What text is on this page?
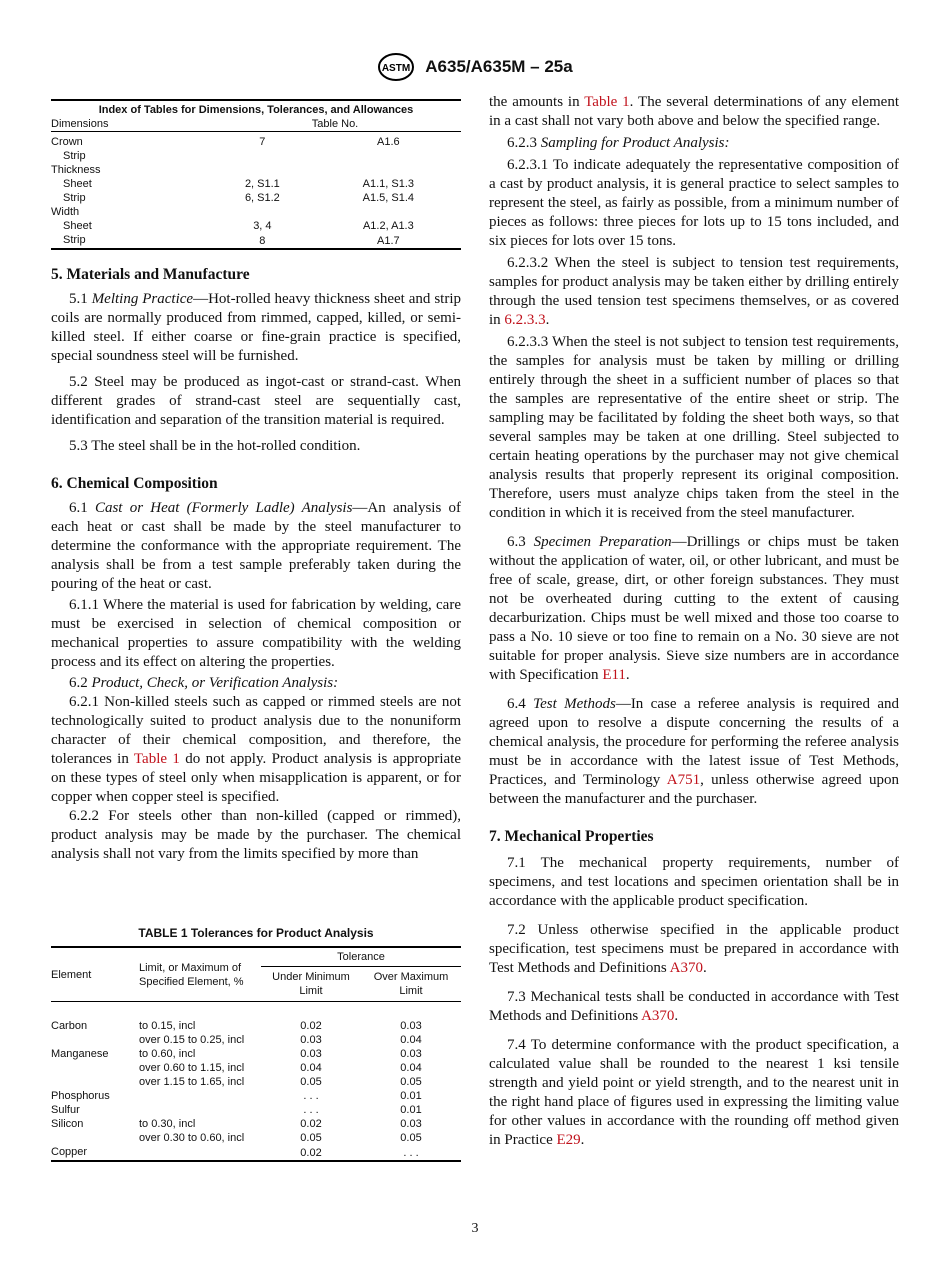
ASTM A635/A635M – 25a
Index of Tables for Dimensions, Tolerances, and Allowances		
Dimensions	Table No.	
Crown	7	A1.6
Strip		
Thickness		
Sheet	2, S1.1	A1.1, S1.3
Strip	6, S1.2	A1.5, S1.4
Width		
Sheet	3, 4	A1.2, A1.3
Strip	8	A1.7
5. Materials and Manufacture

5.1 Melting Practice—Hot-rolled heavy thickness sheet and strip coils are normally produced from rimmed, capped, killed, or semi-killed steel. If either coarse or fine-grain practice is specified, special soundness steel will be furnished.

5.2 Steel may be produced as ingot-cast or strand-cast. When different grades of strand-cast steel are sequentially cast, identification and separation of the transition material is required.

5.3 The steel shall be in the hot-rolled condition.

6. Chemical Composition

6.1 Cast or Heat (Formerly Ladle) Analysis—An analysis of each heat or cast shall be made by the steel manufacturer to determine the conformance with the appropriate requirement. The analysis shall be from a test sample preferably taken during the pouring of the heat or cast.

6.1.1 Where the material is used for fabrication by welding, care must be exercised in selection of chemical composition or mechanical properties to assure compatibility with the welding process and its effect on altering the properties.

6.2 Product, Check, or Verification Analysis:

6.2.1 Non-killed steels such as capped or rimmed steels are not technologically suited to product analysis due to the nonuniform character of their chemical composition, and therefore, the tolerances in Table 1 do not apply. Product analysis is appropriate on these types of steel only when misapplication is apparent, or for copper when copper steel is specified.

6.2.2 For steels other than non-killed (capped or rimmed), product analysis may be made by the purchaser. The chemical analysis shall not vary from the limits specified by more than

TABLE 1 Tolerances for Product Analysis
Element	Limit, or Maximum of Specified Element, %	Tolerance	
		Under Minimum Limit	Over Maximum Limit
Carbon	to 0.15, incl	0.02	0.03
	over 0.15 to 0.25, incl	0.03	0.04
Manganese	to 0.60, incl	0.03	0.03
	over 0.60 to 1.15, incl	0.04	0.04
	over 1.15 to 1.65, incl	0.05	0.05
Phosphorus		. . .	0.01
Sulfur		. . .	0.01
Silicon	to 0.30, incl	0.02	0.03
	over 0.30 to 0.60, incl	0.05	0.05
Copper		0.02	. . .

the amounts in Table 1. The several determinations of any element in a cast shall not vary both above and below the specified range.

6.2.3 Sampling for Product Analysis:

6.2.3.1 To indicate adequately the representative composition of a cast by product analysis, it is general practice to select samples to represent the steel, as fairly as possible, from a minimum number of pieces as follows: three pieces for lots up to 15 tons included, and six pieces for lots over 15 tons.

6.2.3.2 When the steel is subject to tension test requirements, samples for product analysis may be taken either by drilling entirely through the used tension test specimens themselves, or as covered in 6.2.3.3.

6.2.3.3 When the steel is not subject to tension test requirements, the samples for analysis must be taken by milling or drilling entirely through the sheet in a sufficient number of places so that the samples are representative of the entire sheet or strip. The sampling may be facilitated by folding the sheet both ways, so that several samples may be taken at one drilling. Steel subjected to certain heating operations by the purchaser may not give chemical analysis results that properly represent its original composition. Therefore, users must analyze chips taken from the steel in the condition in which it is received from the steel manufacturer.

6.3 Specimen Preparation—Drillings or chips must be taken without the application of water, oil, or other lubricant, and must be free of scale, grease, dirt, or other foreign substances. They must not be overheated during cutting to the extent of causing decarburization. Chips must be well mixed and those too coarse to pass a No. 10 sieve or too fine to remain on a No. 30 sieve are not suitable for proper analysis. Sieve size numbers are in accordance with Specification E11.

6.4 Test Methods—In case a referee analysis is required and agreed upon to resolve a dispute concerning the results of a chemical analysis, the procedure for performing the referee analysis must be in accordance with the latest issue of Test Methods, Practices, and Terminology A751, unless otherwise agreed upon between the manufacturer and the purchaser.

7. Mechanical Properties

7.1 The mechanical property requirements, number of specimens, and test locations and specimen orientation shall be in accordance with the applicable product specification.

7.2 Unless otherwise specified in the applicable product specification, test specimens must be prepared in accordance with Test Methods and Definitions A370.

7.3 Mechanical tests shall be conducted in accordance with Test Methods and Definitions A370.

7.4 To determine conformance with the product specification, a calculated value shall be rounded to the nearest 1 ksi tensile strength and yield point or yield strength, and to the nearest unit in the right hand place of figures used in expressing the limiting value for other values in accordance with the rounding off method given in Practice E29.

3
